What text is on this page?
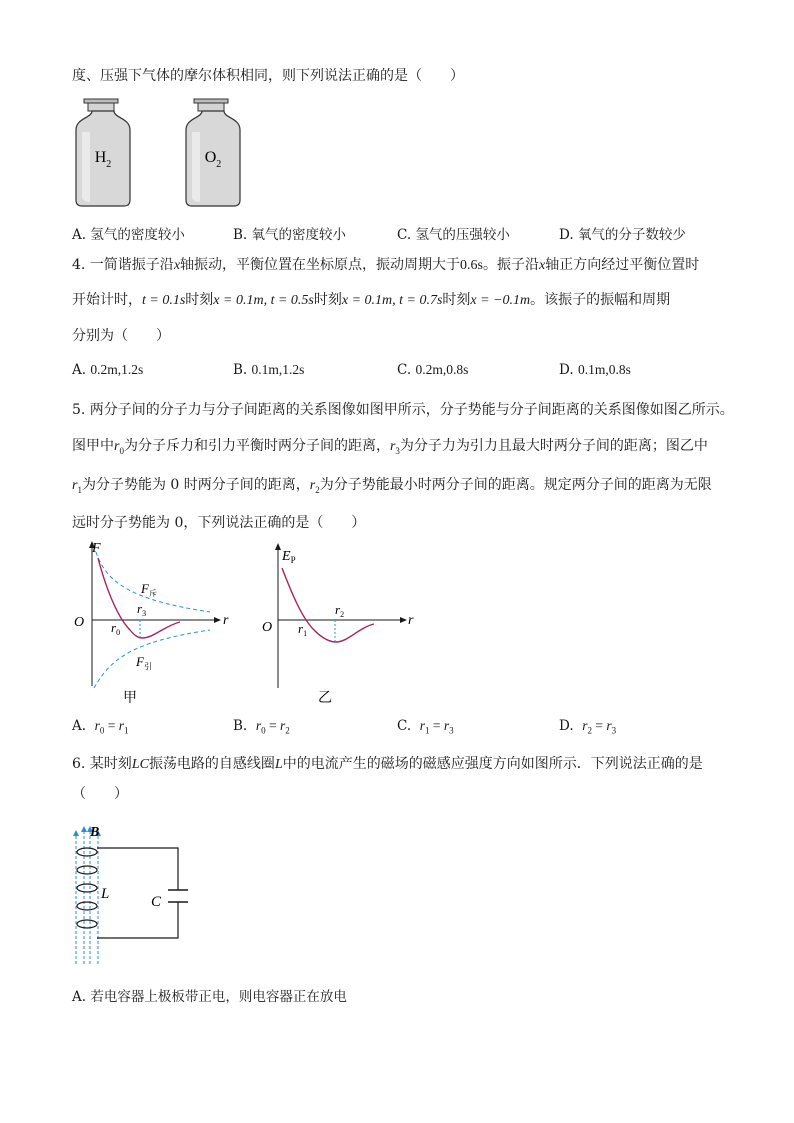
度、压强下气体的摩尔体积相同，则下列说法正确的是（　　）
$H_2$	$O_2$
A. 氢气的密度较小	B. 氧气的密度较小	C. 氢气的压强较小	D. 氧气的分子数较少
4. 一简谐振子沿x轴振动，平衡位置在坐标原点，振动周期大于0.6s。振子沿x轴正方向经过平衡位置时
开始计时，t = 0.1s时刻x = 0.1m, t = 0.5s时刻x = 0.1m, t = 0.7s时刻x = −0.1m。该振子的振幅和周期
分别为（　　）
A. 0.2m,1.2s	B. 0.1m,1.2s	C. 0.2m,0.8s	D. 0.1m,0.8s
5. 两分子间的分子力与分子间距离的关系图像如图甲所示，分子势能与分子间距离的关系图像如图乙所示。
图甲中$r_0$为分子斥力和引力平衡时两分子间的距离，$r_3$为分子力为引力且最大时两分子间的距离；图乙中
$r_1$为分子势能为 0 时两分子间的距离，$r_2$为分子势能最小时两分子间的距离。规定两分子间的距离为无限
远时分子势能为 0，下列说法正确的是（　　）
F
r
O
$F_斥$
$F_引$
$r_0$
$r_3$
甲
$E_P$
r
O $r_1$
$r_2$
乙
A. $r_0 = r_1$	B. $r_0 = r_2$	C. $r_1 = r_3$	D. $r_2 = r_3$
6. 某时刻LC振荡电路的自感线圈L中的电流产生的磁场的磁感应强度方向如图所示．下列说法正确的是
（　　）
B
L	C
A. 若电容器上极板带正电，则电容器正在放电
